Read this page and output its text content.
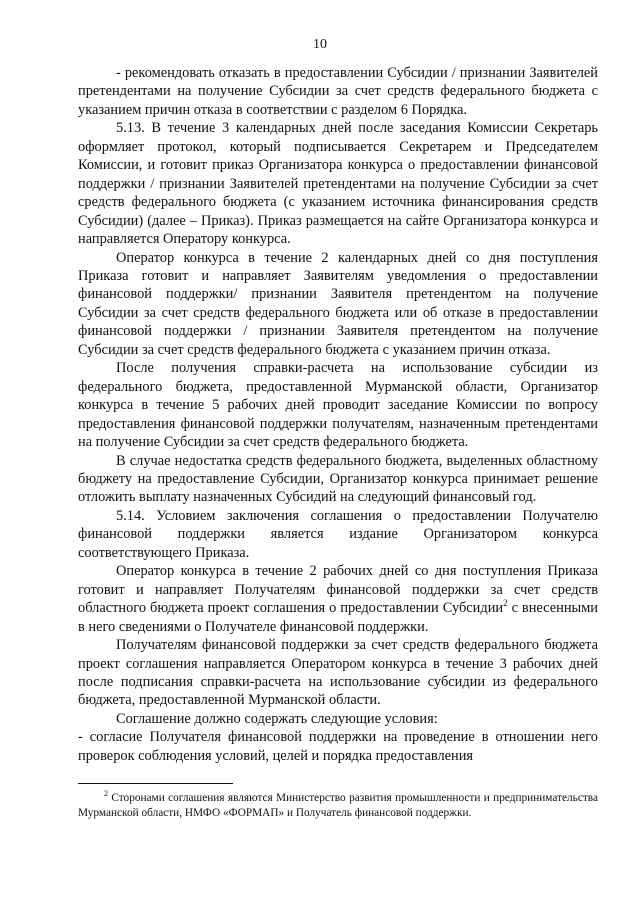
10

- рекомендовать отказать в предоставлении Субсидии / признании Заявителей претендентами на получение Субсидии за счет средств федерального бюджета с указанием причин отказа в соответствии с разделом 6 Порядка.

5.13. В течение 3 календарных дней после заседания Комиссии Секретарь оформляет протокол, который подписывается Секретарем и Председателем Комиссии, и готовит приказ Организатора конкурса о предоставлении финансовой поддержки / признании Заявителей претендентами на получение Субсидии за счет средств федерального бюджета (с указанием источника финансирования средств Субсидии) (далее – Приказ). Приказ размещается на сайте Организатора конкурса и направляется Оператору конкурса.

Оператор конкурса в течение 2 календарных дней со дня поступления Приказа готовит и направляет Заявителям уведомления о предоставлении финансовой поддержки/ признании Заявителя претендентом на получение Субсидии за счет средств федерального бюджета или об отказе в предоставлении финансовой поддержки / признании Заявителя претендентом на получение Субсидии за счет средств федерального бюджета с указанием причин отказа.

После получения справки-расчета на использование субсидии из федерального бюджета, предоставленной Мурманской области, Организатор конкурса в течение 5 рабочих дней проводит заседание Комиссии по вопросу предоставления финансовой поддержки получателям, назначенным претендентами на получение Субсидии за счет средств федерального бюджета.

В случае недостатка средств федерального бюджета, выделенных областному бюджету на предоставление Субсидии, Организатор конкурса принимает решение отложить выплату назначенных Субсидий на следующий финансовый год.

5.14. Условием заключения соглашения о предоставлении Получателю финансовой поддержки является издание Организатором конкурса соответствующего Приказа.

Оператор конкурса в течение 2 рабочих дней со дня поступления Приказа готовит и направляет Получателям финансовой поддержки за счет средств областного бюджета проект соглашения о предоставлении Субсидии$^2$ с внесенными в него сведениями о Получателе финансовой поддержки.

Получателям финансовой поддержки за счет средств федерального бюджета проект соглашения направляется Оператором конкурса в течение 3 рабочих дней после подписания справки-расчета на использование субсидии из федерального бюджета, предоставленной Мурманской области.

Соглашение должно содержать следующие условия:

- согласие Получателя финансовой поддержки на проведение в отношении него проверок соблюдения условий, целей и порядка предоставления

$^2$ Сторонами соглашения являются Министерство развития промышленности и предпринимательства Мурманской области, НМФО «ФОРМАП» и Получатель финансовой поддержки.
